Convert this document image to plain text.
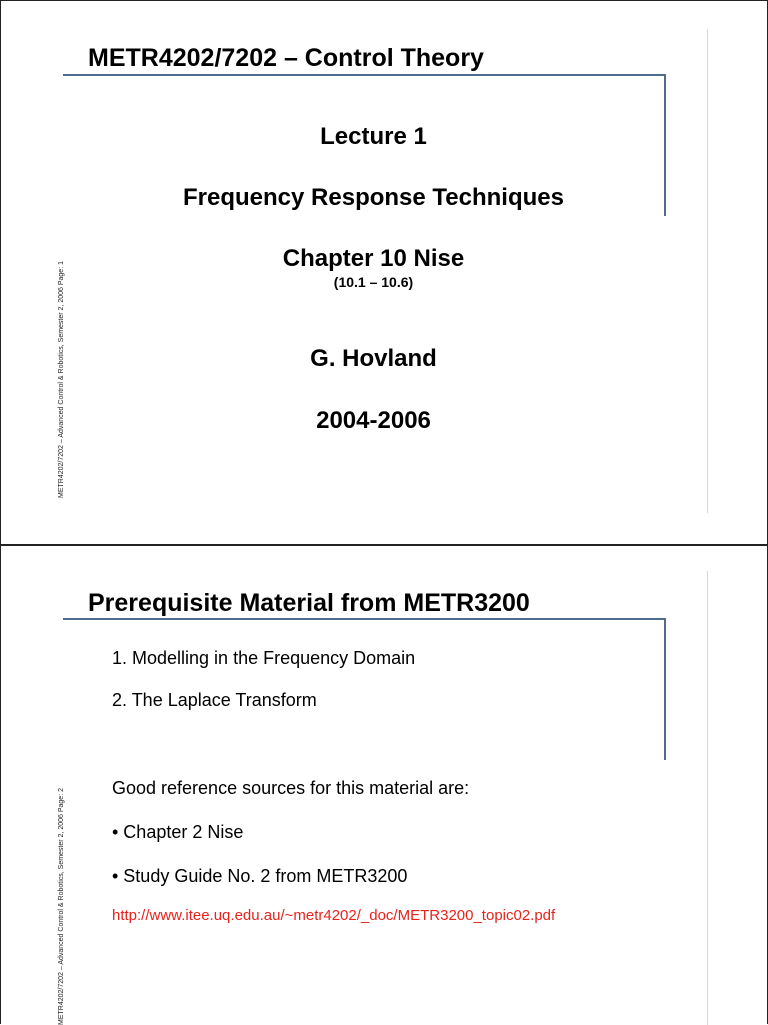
METR4202/7202 – Control Theory
Lecture 1
Frequency Response Techniques
Chapter 10 Nise
(10.1 – 10.6)
G. Hovland
2004-2006
METR4202/7202 – Advanced Control & Robotics, Semester 2, 2006 Page: 1
Prerequisite Material from METR3200
1. Modelling in the Frequency Domain
2. The Laplace Transform
Good reference sources for this material are:
• Chapter 2 Nise
• Study Guide No. 2 from METR3200
http://www.itee.uq.edu.au/~metr4202/_doc/METR3200_topic02.pdf
METR4202/7202 – Advanced Control & Robotics, Semester 2, 2006 Page: 2
